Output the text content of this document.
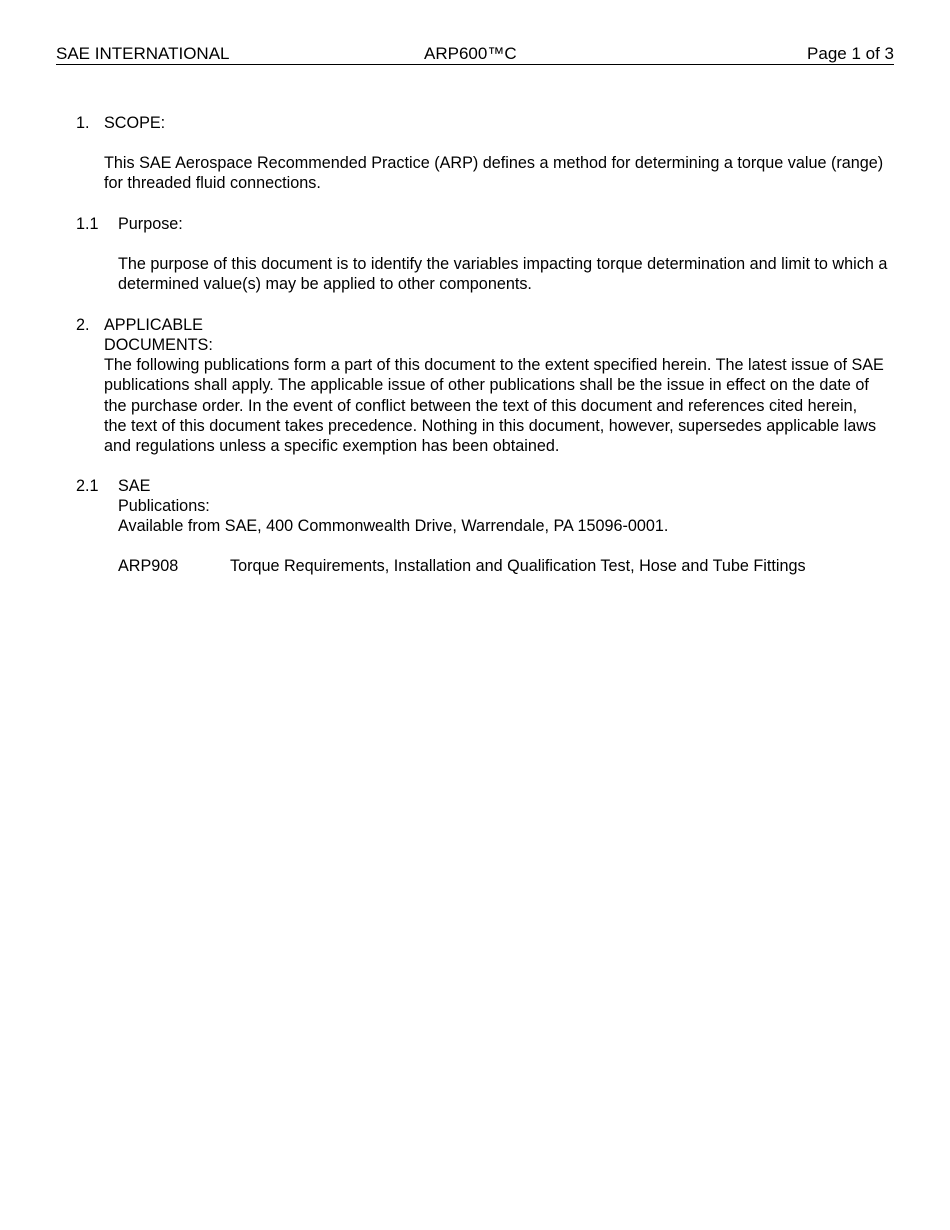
SAE INTERNATIONAL	ARP600™C	Page 1 of 3
1. SCOPE:

This SAE Aerospace Recommended Practice (ARP) defines a method for determining a torque value (range) for threaded fluid connections.

1.1 Purpose:

The purpose of this document is to identify the variables impacting torque determination and limit to which a determined value(s) may be applied to other components.

2. APPLICABLE DOCUMENTS:

The following publications form a part of this document to the extent specified herein. The latest issue of SAE publications shall apply. The applicable issue of other publications shall be the issue in effect on the date of the purchase order. In the event of conflict between the text of this document and references cited herein, the text of this document takes precedence. Nothing in this document, however, supersedes applicable laws and regulations unless a specific exemption has been obtained.

2.1 SAE Publications:

Available from SAE, 400 Commonwealth Drive, Warrendale, PA 15096-0001.

ARP908	Torque Requirements, Installation and Qualification Test, Hose and Tube Fittings
